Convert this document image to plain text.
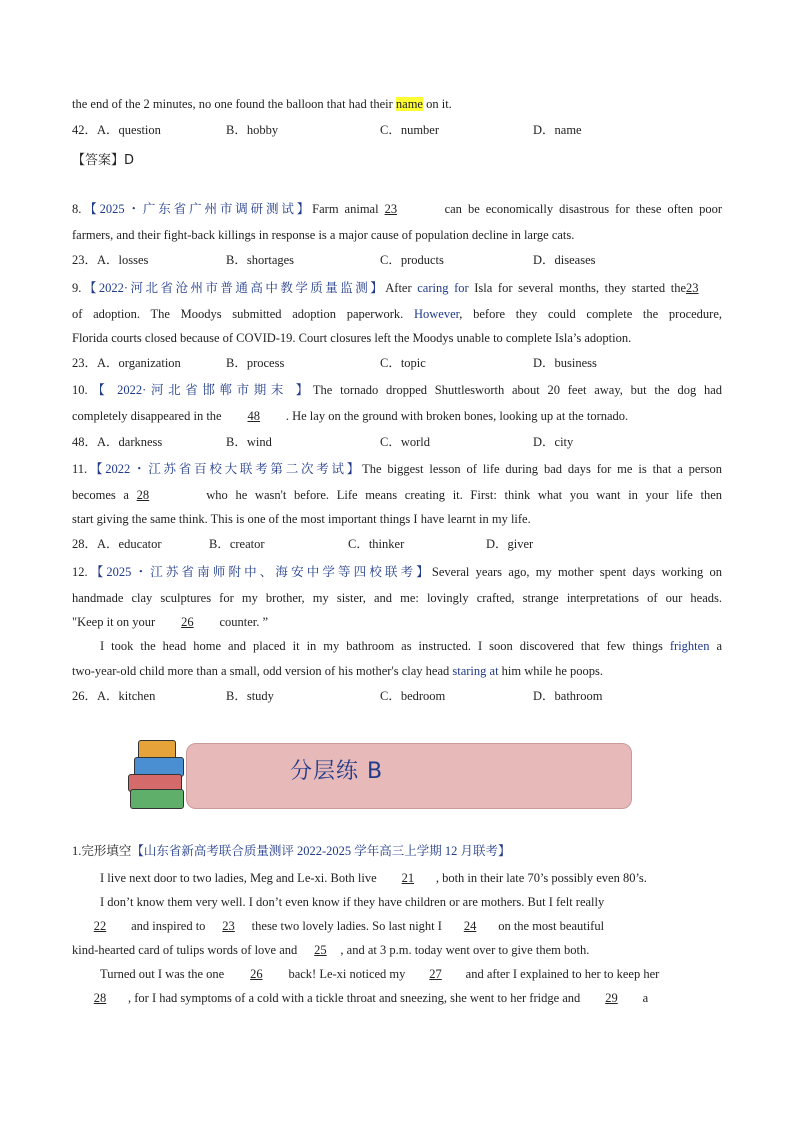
the end of the 2 minutes, no one found the balloon that had their name on it.
42．A．question	B．hobby	C．number	D．name
【答案】D
8.【2025・广东省广州市调研测试】Farm animal 23	can be economically disastrous for these often poor
farmers, and their fight-back killings in response is a major cause of population decline in large cats.
23．A．losses	B．shortages	C．products	D．diseases
9.【2022·河北省沧州市普通高中教学质量监测】After caring for Isla for several months, they started the23
of adoption. The Moodys submitted adoption paperwork. However, before they could complete the procedure,
Florida courts closed because of COVID-19. Court closures left the Moodys unable to complete Isla’s adoption.
23．A．organization	B．process	C．topic	D．business
10.【 2022·河北省邯郸市期末 】The tornado dropped Shuttlesworth about 20 feet away, but the dog had
completely disappeared in the 48 . He lay on the ground with broken bones, looking up at the tornado.
48．A．darkness	B．wind	C．world	D．city
11.【2022・江苏省百校大联考第二次考试】The biggest lesson of life during bad days for me is that a person
becomes a 28	who he wasn't before. Life means creating it. First: think what you want in your life then
start giving the same think. This is one of the most important things I have learnt in my life.
28．A．educator	B．creator	C．thinker	D．giver
12.【2025・江苏省南师附中、海安中学等四校联考】Several years ago, my mother spent days working on
handmade clay sculptures for my brother, my sister, and me: lovingly crafted, strange interpretations of our heads.
"Keep it on your 26 counter. ”
I took the head home and placed it in my bathroom as instructed. I soon discovered that few things frighten a
two-year-old child more than a small, odd version of his mother's clay head staring at him while he poops.
26．A．kitchen	B．study	C．bedroom	D．bathroom
分层练 B
1.完形填空【山东省新高考联合质量测评 2022-2025 学年高三上学期 12 月联考】
I live next door to two ladies, Meg and Le-xi. Both live 21 , both in their late 70’s possibly even 80’s.
I don’t know them very well. I don’t even know if they have children or are mothers. But I felt really
22 and inspired to 23 these two lovely ladies. So last night I 24 on the most beautiful
kind-hearted card of tulips words of love and 25 , and at 3 p.m. today went over to give them both.
Turned out I was the one 26 back! Le-xi noticed my 27 and after I explained to her to keep her
28 , for I had symptoms of a cold with a tickle throat and sneezing, she went to her fridge and 29 a
